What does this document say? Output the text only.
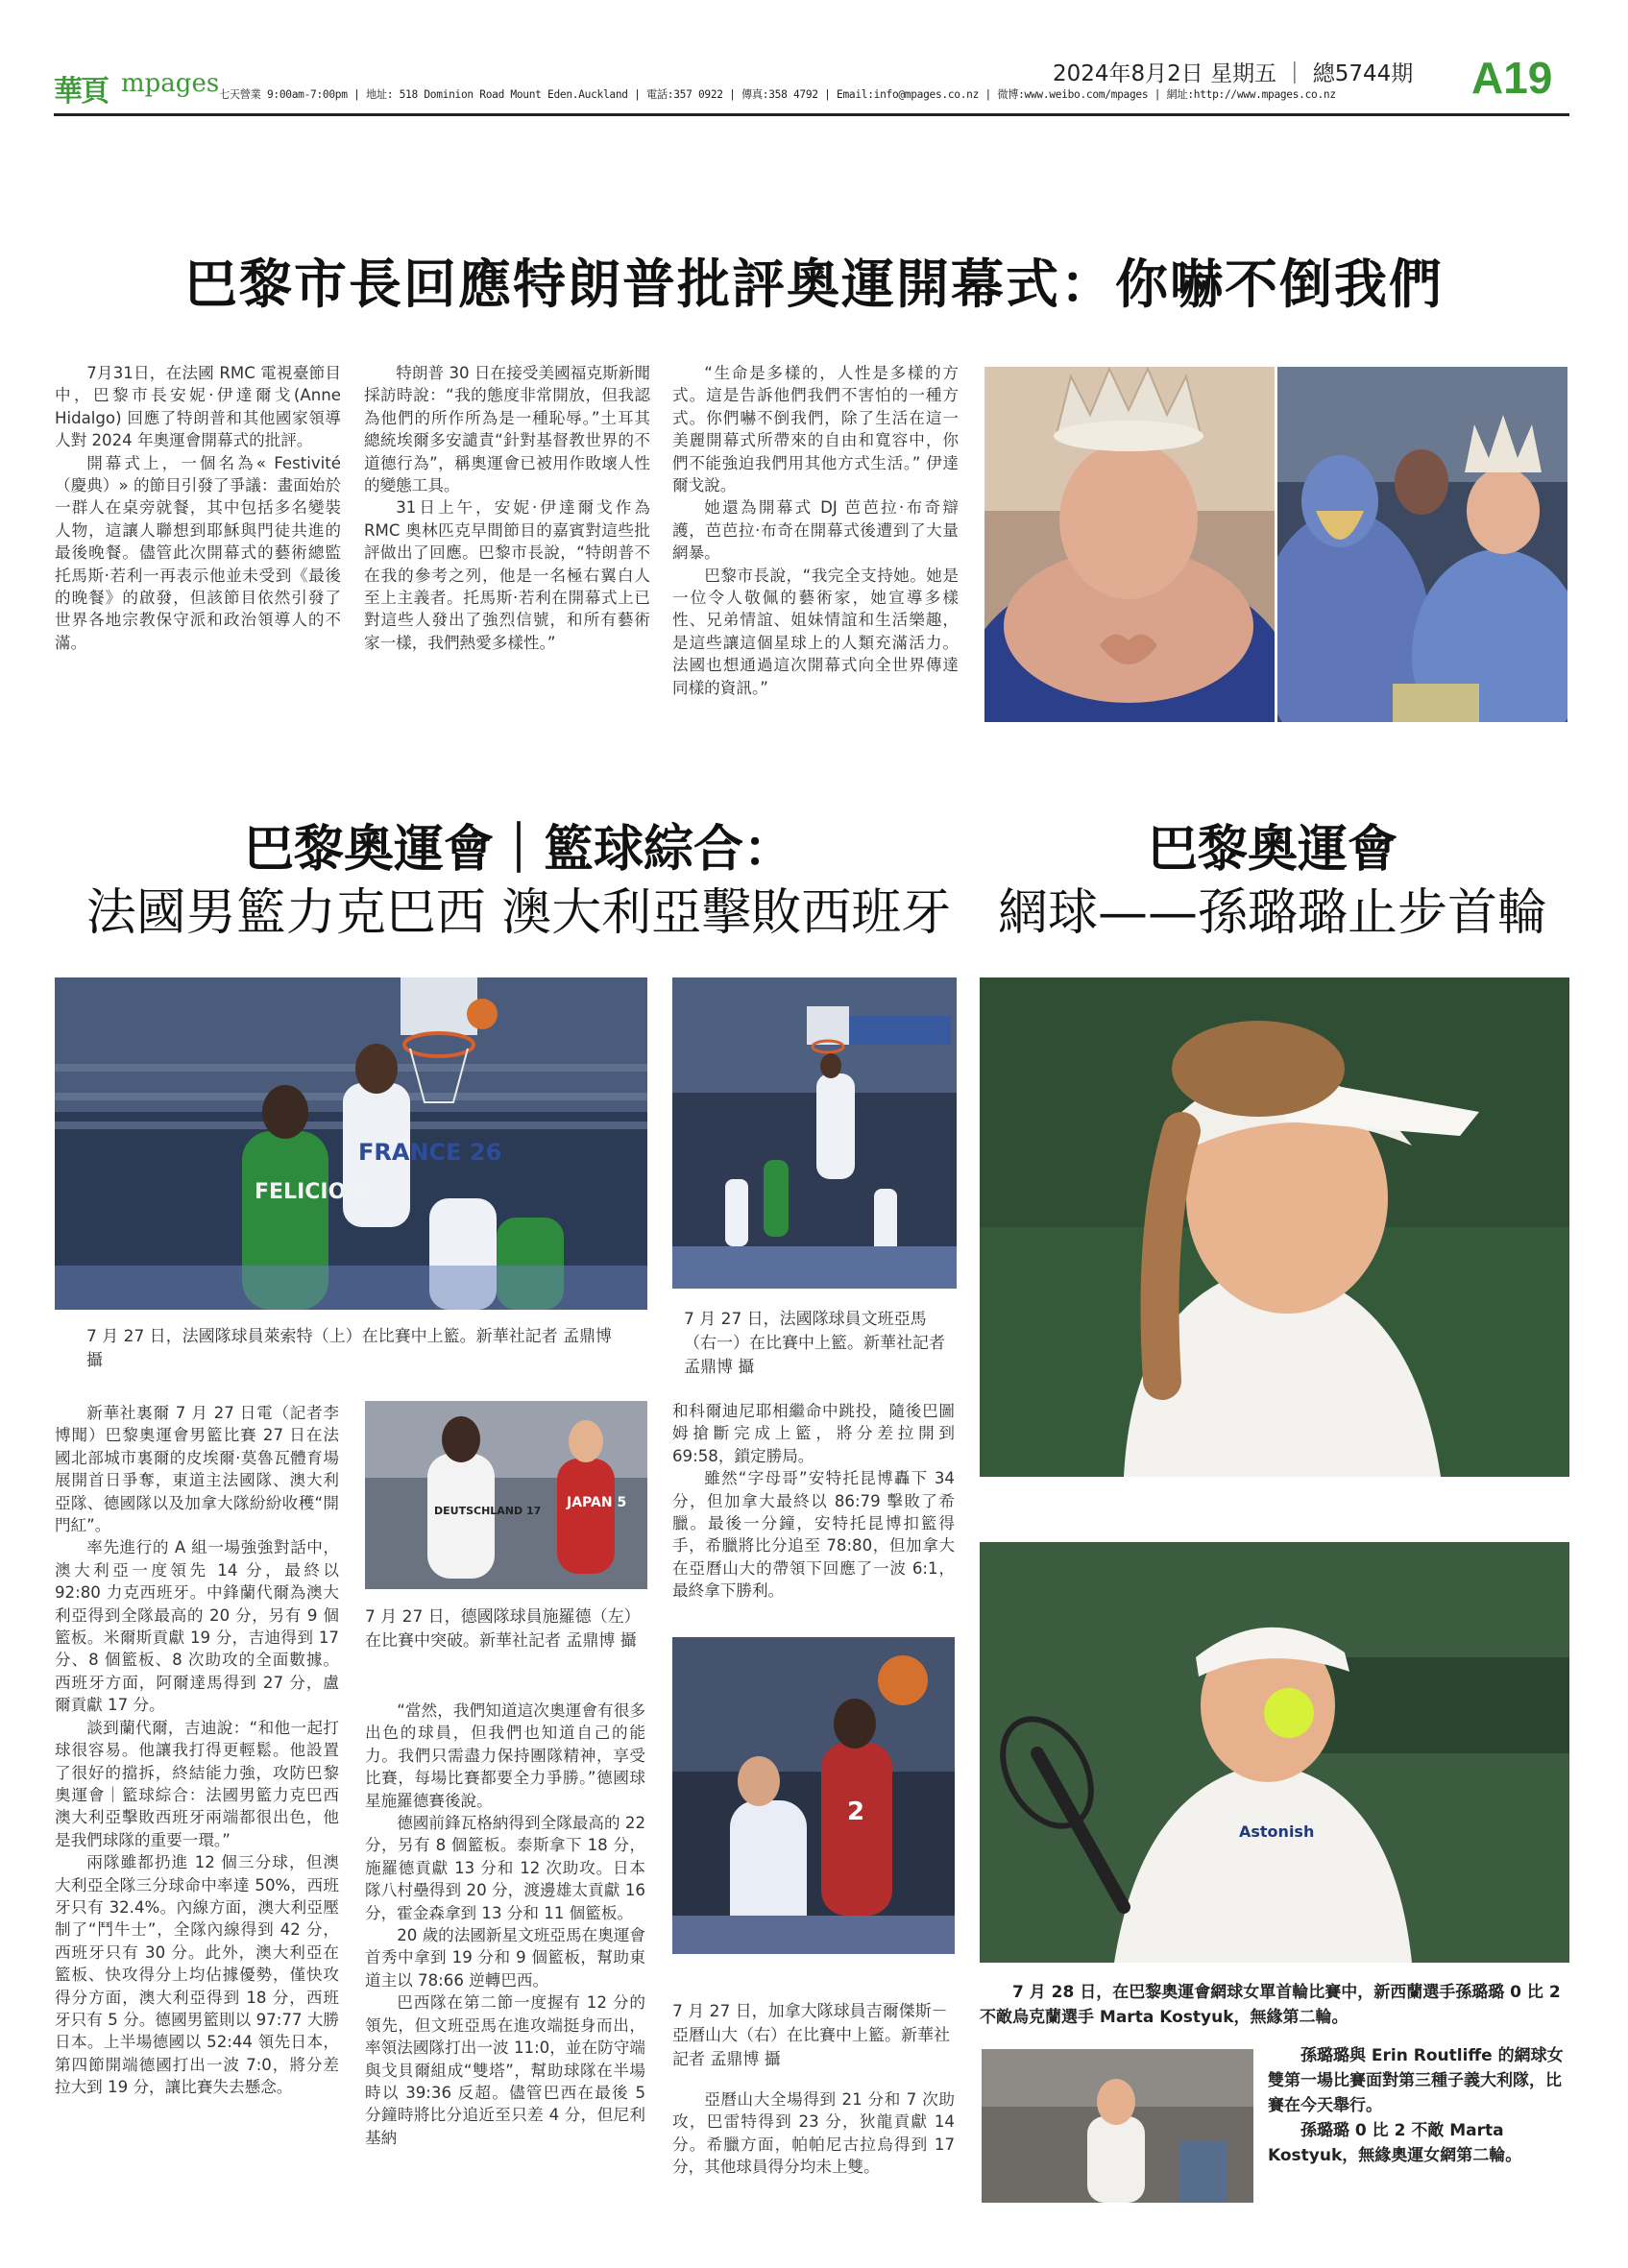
華頁 mpages 七天營業 9:00am-7:00pm | 地址: 518 Dominion Road Mount Eden.Auckland | 電話:357 0922 | 傳真:358 4792 | Email:info@mpages.co.nz | 微博:www.weibo.com/mpages | 網址:http://www.mpages.co.nz
2024年8月2日 星期五 ｜ 總5744期	A19
巴黎市長回應特朗普批評奧運開幕式：你嚇不倒我們

7月31日，在法國 RMC 電視臺節目中，巴黎市長安妮·伊達爾戈(Anne Hidalgo) 回應了特朗普和其他國家領導人對 2024 年奧運會開幕式的批評。

開幕式上，一個名為« Festivité（慶典）» 的節目引發了爭議：畫面始於一群人在桌旁就餐，其中包括多名變裝人物，這讓人聯想到耶穌與門徒共進的最後晚餐。儘管此次開幕式的藝術總監托馬斯·若利一再表示他並未受到《最後的晚餐》的啟發，但該節目依然引發了世界各地宗教保守派和政治領導人的不滿。

特朗普 30 日在接受美國福克斯新聞採訪時說：“我的態度非常開放，但我認為他們的所作所為是一種恥辱。”土耳其總統埃爾多安譴責“針對基督教世界的不道德行為”，稱奧運會已被用作敗壞人性的變態工具。

31日上午，安妮·伊達爾戈作為 RMC 奧林匹克早間節目的嘉賓對這些批評做出了回應。巴黎市長說，“特朗普不在我的參考之列，他是一名極右翼白人至上主義者。托馬斯·若利在開幕式上已對這些人發出了強烈信號，和所有藝術家一樣，我們熱愛多樣性。”

“生命是多樣的，人性是多樣的方式。這是告訴他們我們不害怕的一種方式。你們嚇不倒我們，除了生活在這一美麗開幕式所帶來的自由和寬容中，你們不能強迫我們用其他方式生活。” 伊達爾戈說。

她還為開幕式 DJ 芭芭拉·布奇辯護，芭芭拉·布奇在開幕式後遭到了大量網暴。

巴黎市長說，“我完全支持她。她是一位令人敬佩的藝術家，她宣導多樣性、兄弟情誼、姐妹情誼和生活樂趣，是這些讓這個星球上的人類充滿活力。法國也想通過這次開幕式向全世界傳達同樣的資訊。”

巴黎奧運會｜籃球綜合：
法國男籃力克巴西 澳大利亞擊敗西班牙
FRANCE 26
FELICIO 6
7 月 27 日，法國隊球員萊索特（上）在比賽中上籃。新華社記者 孟鼎博 攝
7 月 27 日，法國隊球員文班亞馬（右一）在比賽中上籃。新華社記者 孟鼎博 攝
DEUTSCHLAND 17
JAPAN 5
7 月 27 日，德國隊球員施羅德（左）在比賽中突破。新華社記者 孟鼎博 攝
2
7 月 27 日，加拿大隊球員吉爾傑斯－亞曆山大（右）在比賽中上籃。新華社記者 孟鼎博 攝

新華社裏爾 7 月 27 日電（記者李博聞）巴黎奧運會男籃比賽 27 日在法國北部城市裏爾的皮埃爾·莫魯瓦體育場展開首日爭奪，東道主法國隊、澳大利亞隊、德國隊以及加拿大隊紛紛收穫“開門紅”。

率先進行的 A 組一場強強對話中，澳大利亞一度領先 14 分，最終以 92:80 力克西班牙。中鋒蘭代爾為澳大利亞得到全隊最高的 20 分，另有 9 個籃板。米爾斯貢獻 19 分，吉迪得到 17 分、8 個籃板、8 次助攻的全面數據。西班牙方面，阿爾達馬得到 27 分，盧爾貢獻 17 分。

談到蘭代爾，吉迪說：“和他一起打球很容易。他讓我打得更輕鬆。他設置了很好的擋拆，終結能力強，攻防巴黎奧運會｜籃球綜合：法國男籃力克巴西 澳大利亞擊敗西班牙兩端都很出色，他是我們球隊的重要一環。”

兩隊雖都扔進 12 個三分球，但澳大利亞全隊三分球命中率達 50%，西班牙只有 32.4%。內線方面，澳大利亞壓制了“鬥牛士”，全隊內線得到 42 分，西班牙只有 30 分。此外，澳大利亞在籃板、快攻得分上均佔據優勢，僅快攻得分方面，澳大利亞得到 18 分，西班牙只有 5 分。德國男籃則以 97:77 大勝日本。上半場德國以 52:44 領先日本，第四節開端德國打出一波 7:0，將分差拉大到 19 分，讓比賽失去懸念。

“當然，我們知道這次奧運會有很多出色的球員，但我們也知道自己的能力。我們只需盡力保持團隊精神，享受比賽，每場比賽都要全力爭勝。”德國球星施羅德賽後說。

德國前鋒瓦格納得到全隊最高的 22 分，另有 8 個籃板。泰斯拿下 18 分，施羅德貢獻 13 分和 12 次助攻。日本隊八村壘得到 20 分，渡邊雄太貢獻 16 分，霍金森拿到 13 分和 11 個籃板。

20 歲的法國新星文班亞馬在奧運會首秀中拿到 19 分和 9 個籃板，幫助東道主以 78:66 逆轉巴西。

巴西隊在第二節一度握有 12 分的領先，但文班亞馬在進攻端挺身而出，率領法國隊打出一波 11:0，並在防守端與戈貝爾組成“雙塔”，幫助球隊在半場時以 39:36 反超。儘管巴西在最後 5 分鐘時將比分追近至只差 4 分，但尼利基納

和科爾迪尼耶相繼命中跳投，隨後巴圖姆搶斷完成上籃，將分差拉開到 69:58，鎖定勝局。

雖然“字母哥”安特托昆博轟下 34 分，但加拿大最終以 86:79 擊敗了希臘。最後一分鐘，安特托昆博扣籃得手，希臘將比分追至 78:80，但加拿大在亞曆山大的帶領下回應了一波 6:1，最終拿下勝利。

亞曆山大全場得到 21 分和 7 次助攻，巴雷特得到 23 分，狄龍貢獻 14 分。希臘方面，帕帕尼古拉烏得到 17 分，其他球員得分均未上雙。

巴黎奧運會
網球——孫璐璐止步首輪
Astonish

7 月 28 日，在巴黎奧運會網球女單首輪比賽中，新西蘭選手孫璐璐 0 比 2 不敵烏克蘭選手 Marta Kostyuk，無緣第二輪。

孫璐璐與 Erin Routliffe 的網球女雙第一場比賽面對第三種子義大利隊，比賽在今天舉行。

孫璐璐 0 比 2 不敵 Marta Kostyuk，無緣奧運女網第二輪。
